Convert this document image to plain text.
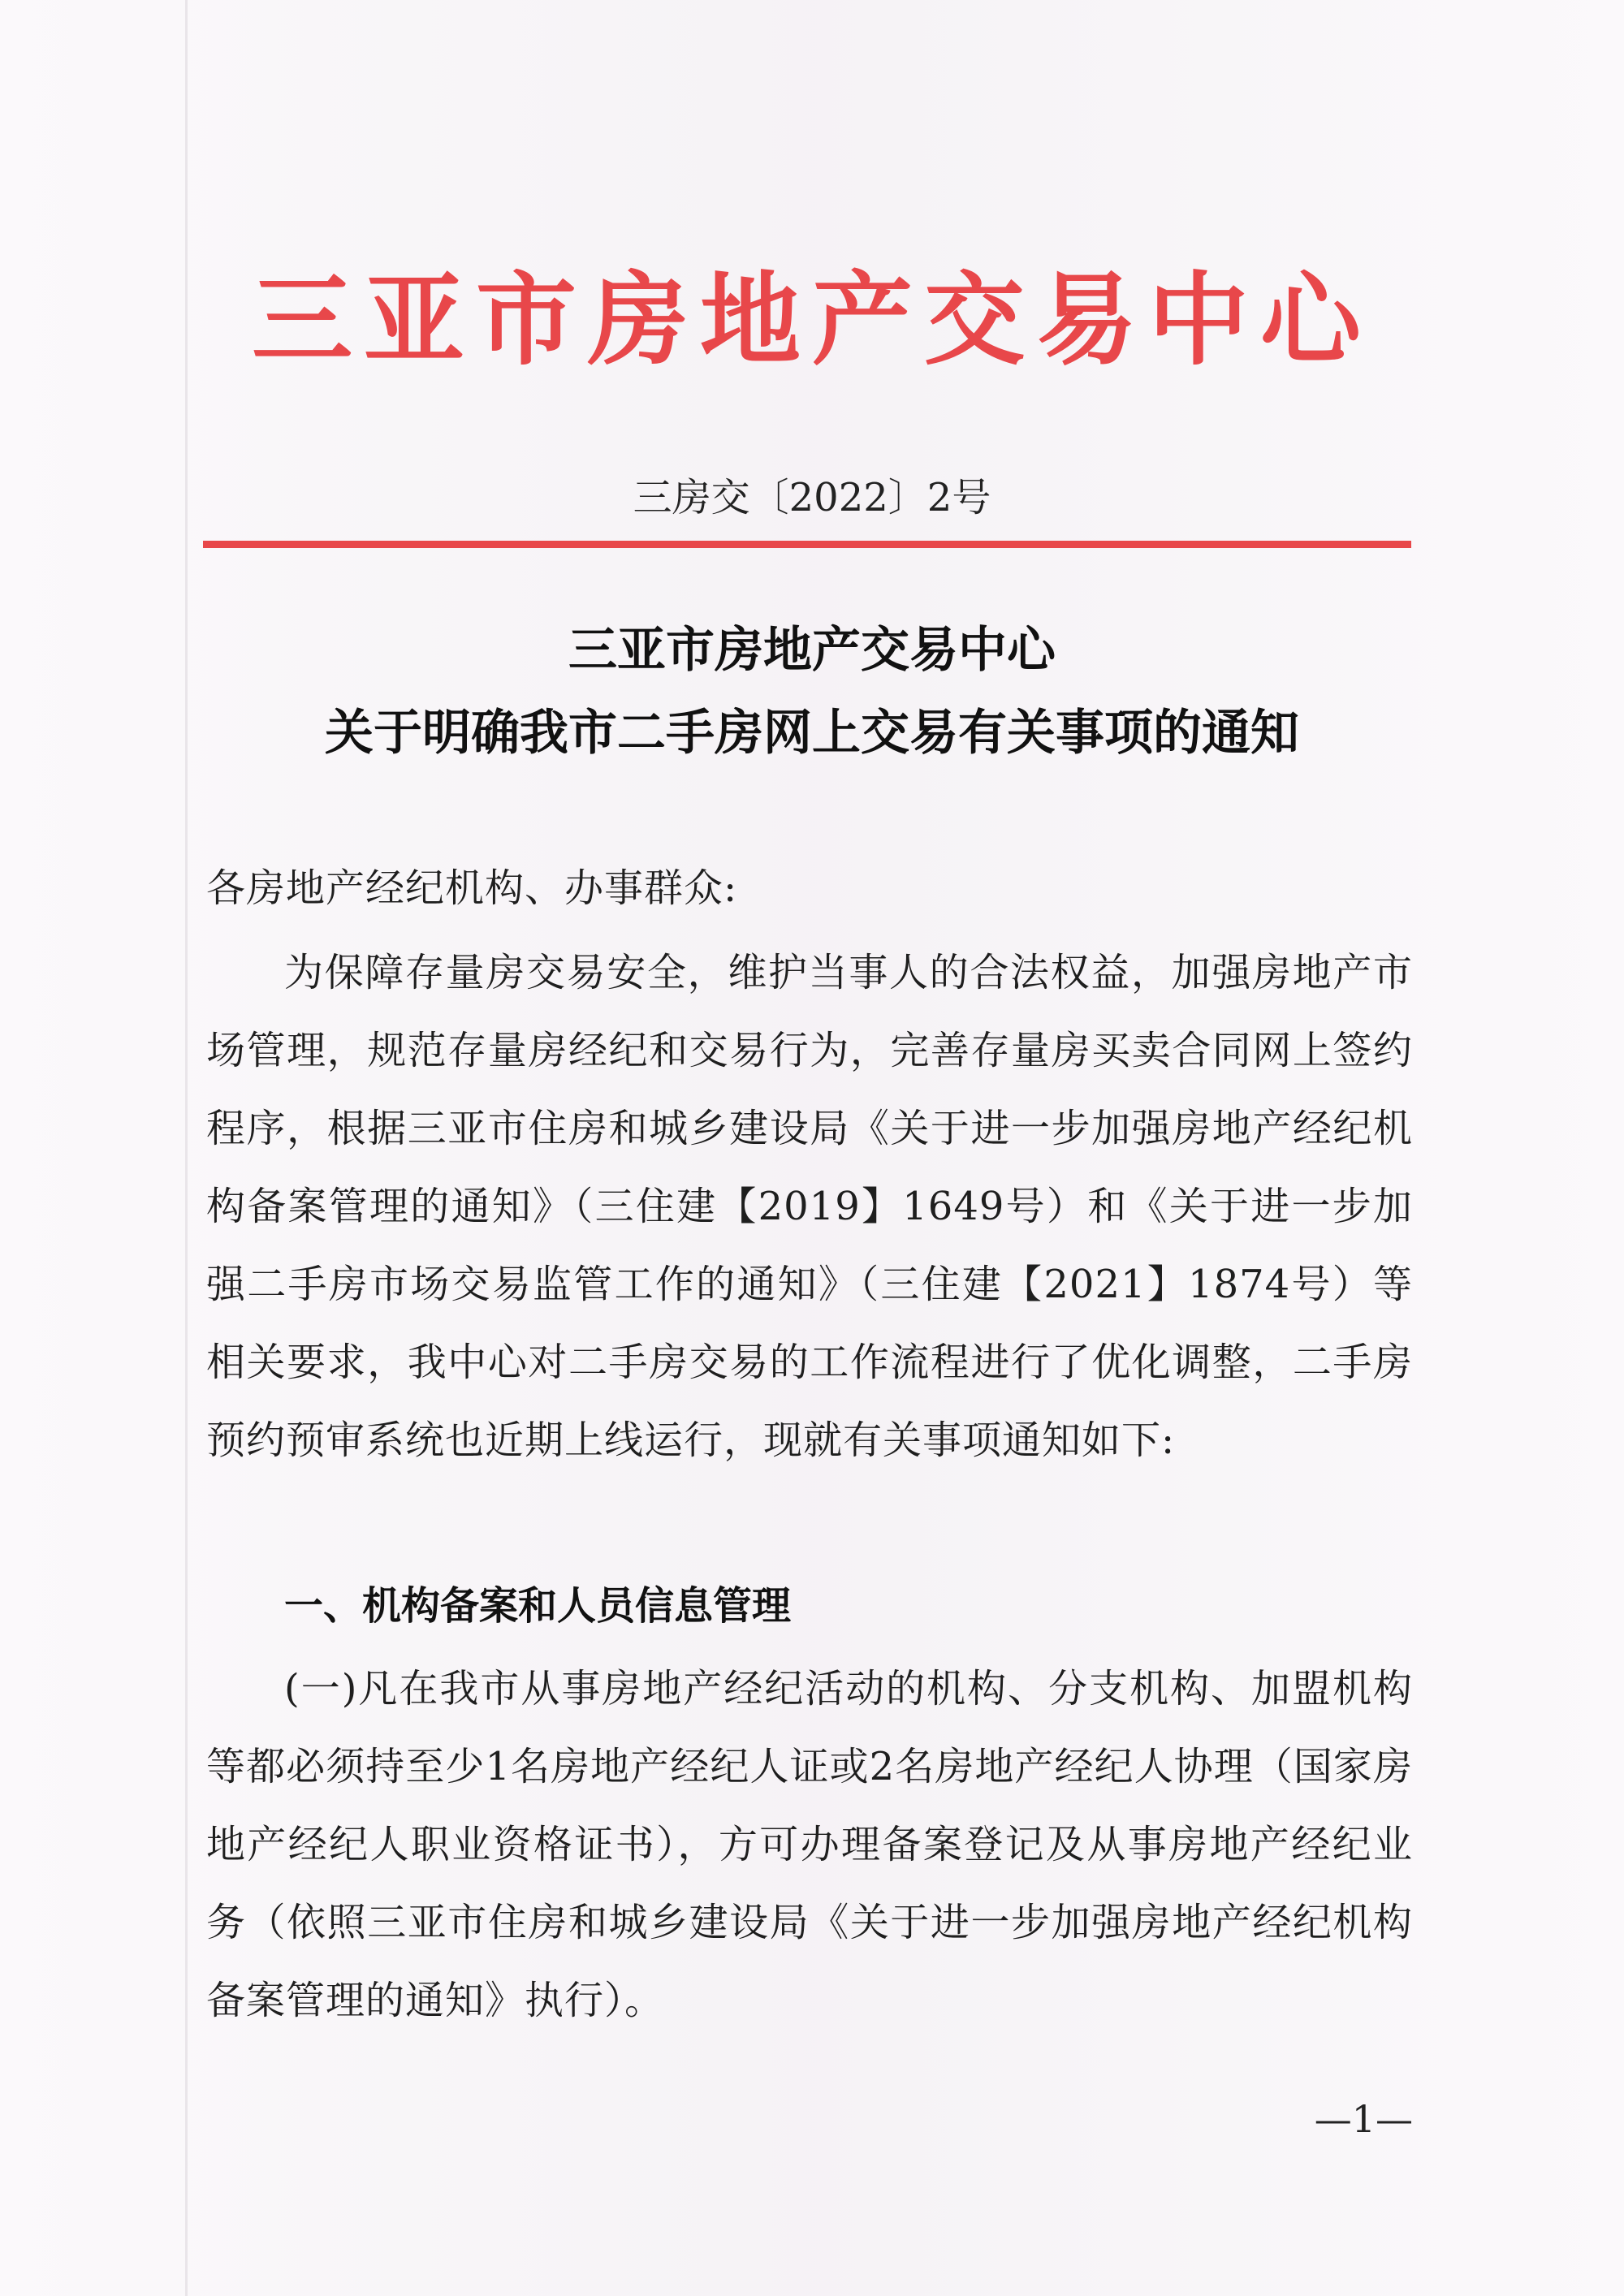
三亚市房地产交易中心
三房交〔2022〕2号
三亚市房地产交易中心
关于明确我市二手房网上交易有关事项的通知
各房地产经纪机构、办事群众:
为保障存量房交易安全，维护当事人的合法权益，加强房地产市场管理，规范存量房经纪和交易行为，完善存量房买卖合同网上签约程序，根据三亚市住房和城乡建设局《关于进一步加强房地产经纪机构备案管理的通知》（三住建【2019】1649号）和《关于进一步加强二手房市场交易监管工作的通知》（三住建【2021】1874号）等相关要求，我中心对二手房交易的工作流程进行了优化调整，二手房预约预审系统也近期上线运行，现就有关事项通知如下:
一、机构备案和人员信息管理
(一)凡在我市从事房地产经纪活动的机构、分支机构、加盟机构等都必须持至少1名房地产经纪人证或2名房地产经纪人协理（国家房地产经纪人职业资格证书），方可办理备案登记及从事房地产经纪业务（依照三亚市住房和城乡建设局《关于进一步加强房地产经纪机构备案管理的通知》执行）。
—1—
